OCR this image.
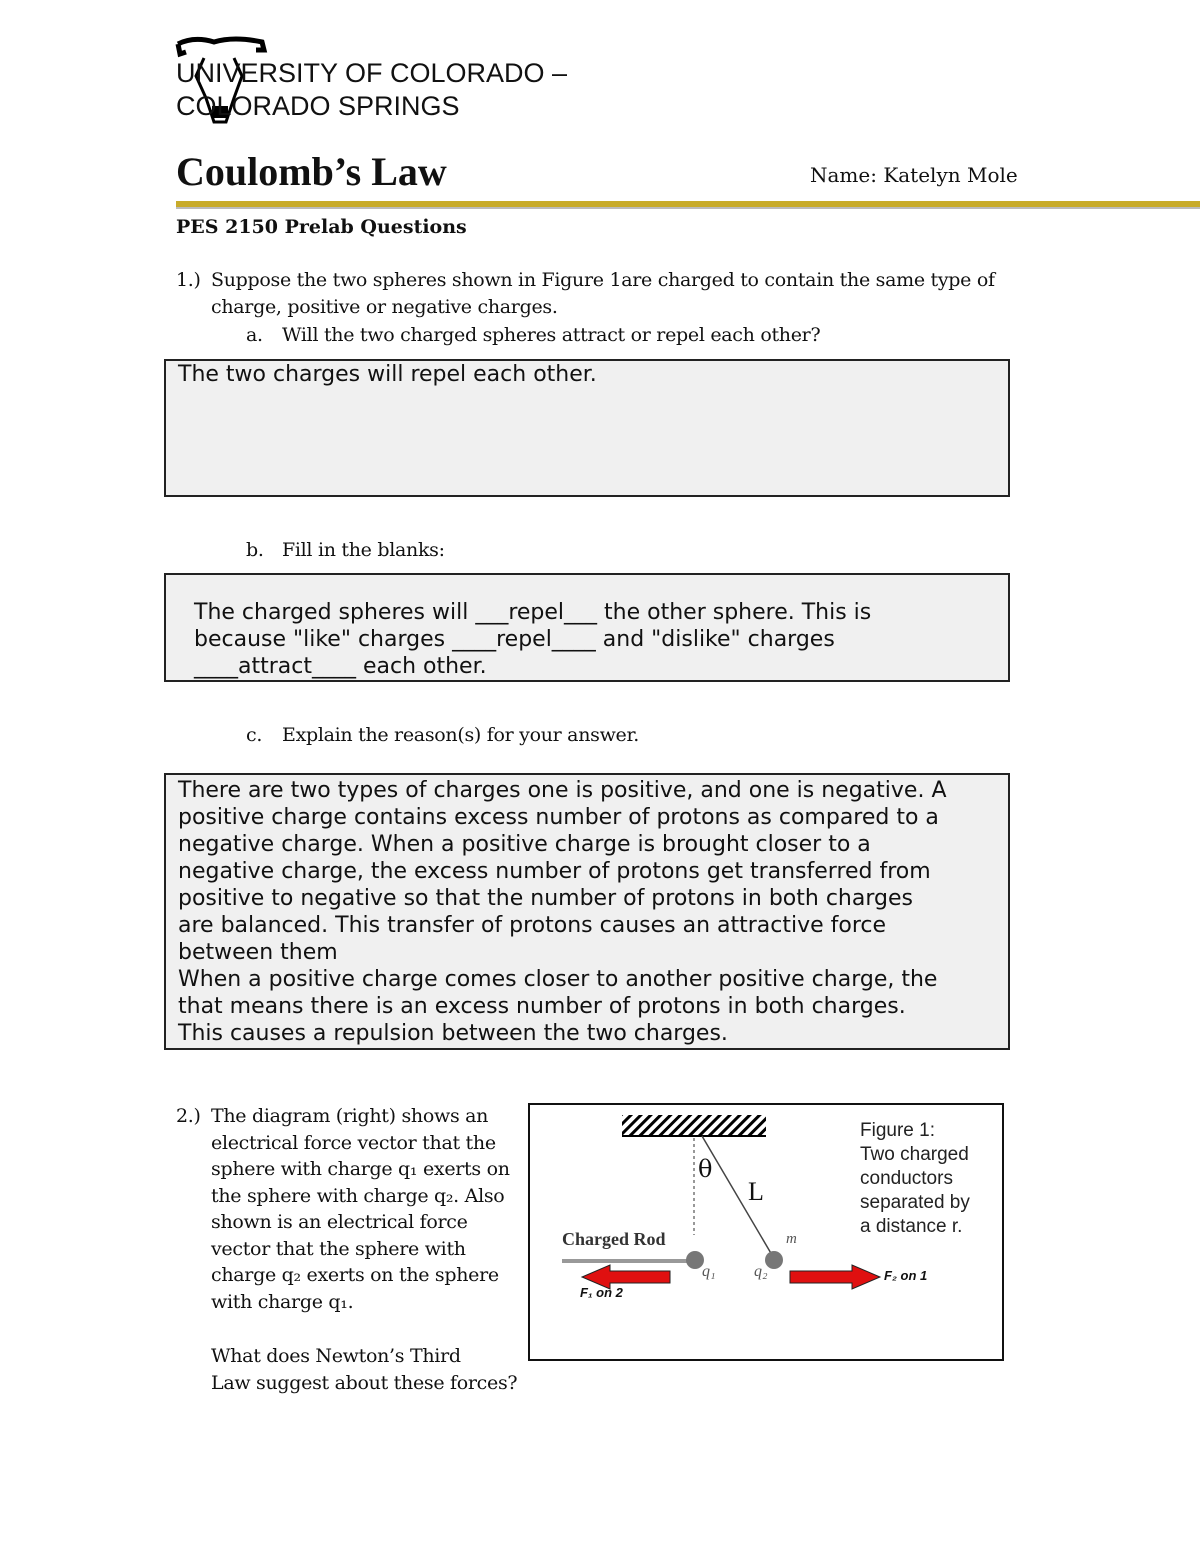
UNIVERSITY OF COLORADO –
COLORADO SPRINGS
Coulomb’s Law	Name: Katelyn Mole
PES 2150 Prelab Questions
1.) Suppose the two spheres shown in Figure 1are charged to contain the same type of
charge, positive or negative charges.
a. Will the two charged spheres attract or repel each other?
The two charges will repel each other.
b. Fill in the blanks:
The charged spheres will ___repel___ the other sphere. This is
because "like" charges ____repel____ and "dislike" charges
____attract____ each other.
c. Explain the reason(s) for your answer.
There are two types of charges one is positive, and one is negative. A
positive charge contains excess number of protons as compared to a
negative charge. When a positive charge is brought closer to a
negative charge, the excess number of protons get transferred from
positive to negative so that the number of protons in both charges
are balanced. This transfer of protons causes an attractive force
between them
When a positive charge comes closer to another positive charge, the
that means there is an excess number of protons in both charges.
This causes a repulsion between the two charges.
2.) The diagram (right) shows an
electrical force vector that the
sphere with charge q₁ exerts on
the sphere with charge q₂. Also
shown is an electrical force
vector that the sphere with
charge q₂ exerts on the sphere
with charge q₁.
What does Newton’s Third
Law suggest about these forces?
θ
L
m
Charged Rod
q₁ q₂
F₁ on 2
F₂ on 1
Figure 1:
Two charged
conductors
separated by
a distance r.
